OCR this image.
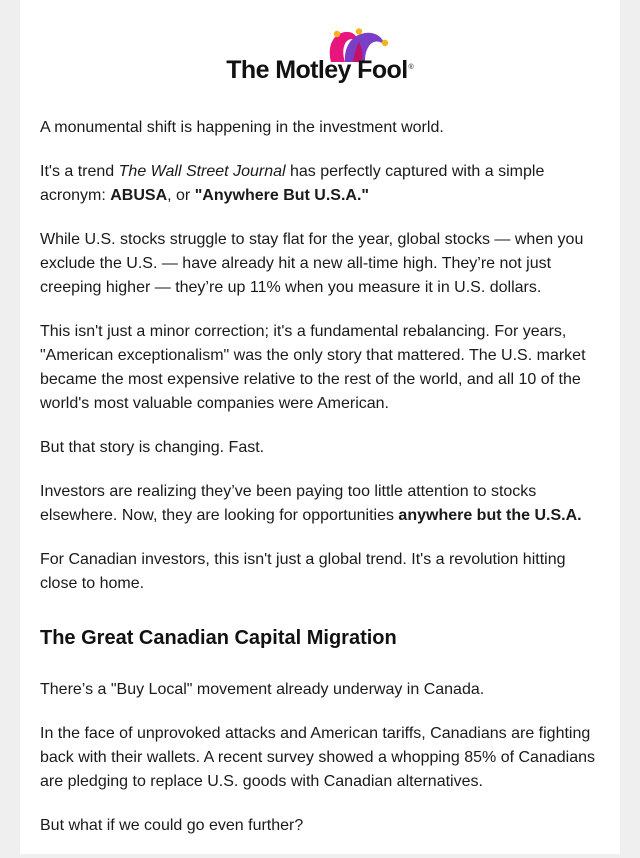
The Motley Fool®

A monumental shift is happening in the investment world.

It's a trend The Wall Street Journal has perfectly captured with a simple acronym: ABUSA, or "Anywhere But U.S.A."

While U.S. stocks struggle to stay flat for the year, global stocks — when you exclude the U.S. — have already hit a new all-time high. They’re not just creeping higher — they’re up 11% when you measure it in U.S. dollars.

This isn't just a minor correction; it's a fundamental rebalancing. For years, "American exceptionalism" was the only story that mattered. The U.S. market became the most expensive relative to the rest of the world, and all 10 of the world's most valuable companies were American.

But that story is changing. Fast.

Investors are realizing they’ve been paying too little attention to stocks elsewhere. Now, they are looking for opportunities anywhere but the U.S.A.

For Canadian investors, this isn't just a global trend. It's a revolution hitting close to home.

The Great Canadian Capital Migration

There’s a "Buy Local" movement already underway in Canada.

In the face of unprovoked attacks and American tariffs, Canadians are fighting back with their wallets. A recent survey showed a whopping 85% of Canadians are pledging to replace U.S. goods with Canadian alternatives.

But what if we could go even further?
